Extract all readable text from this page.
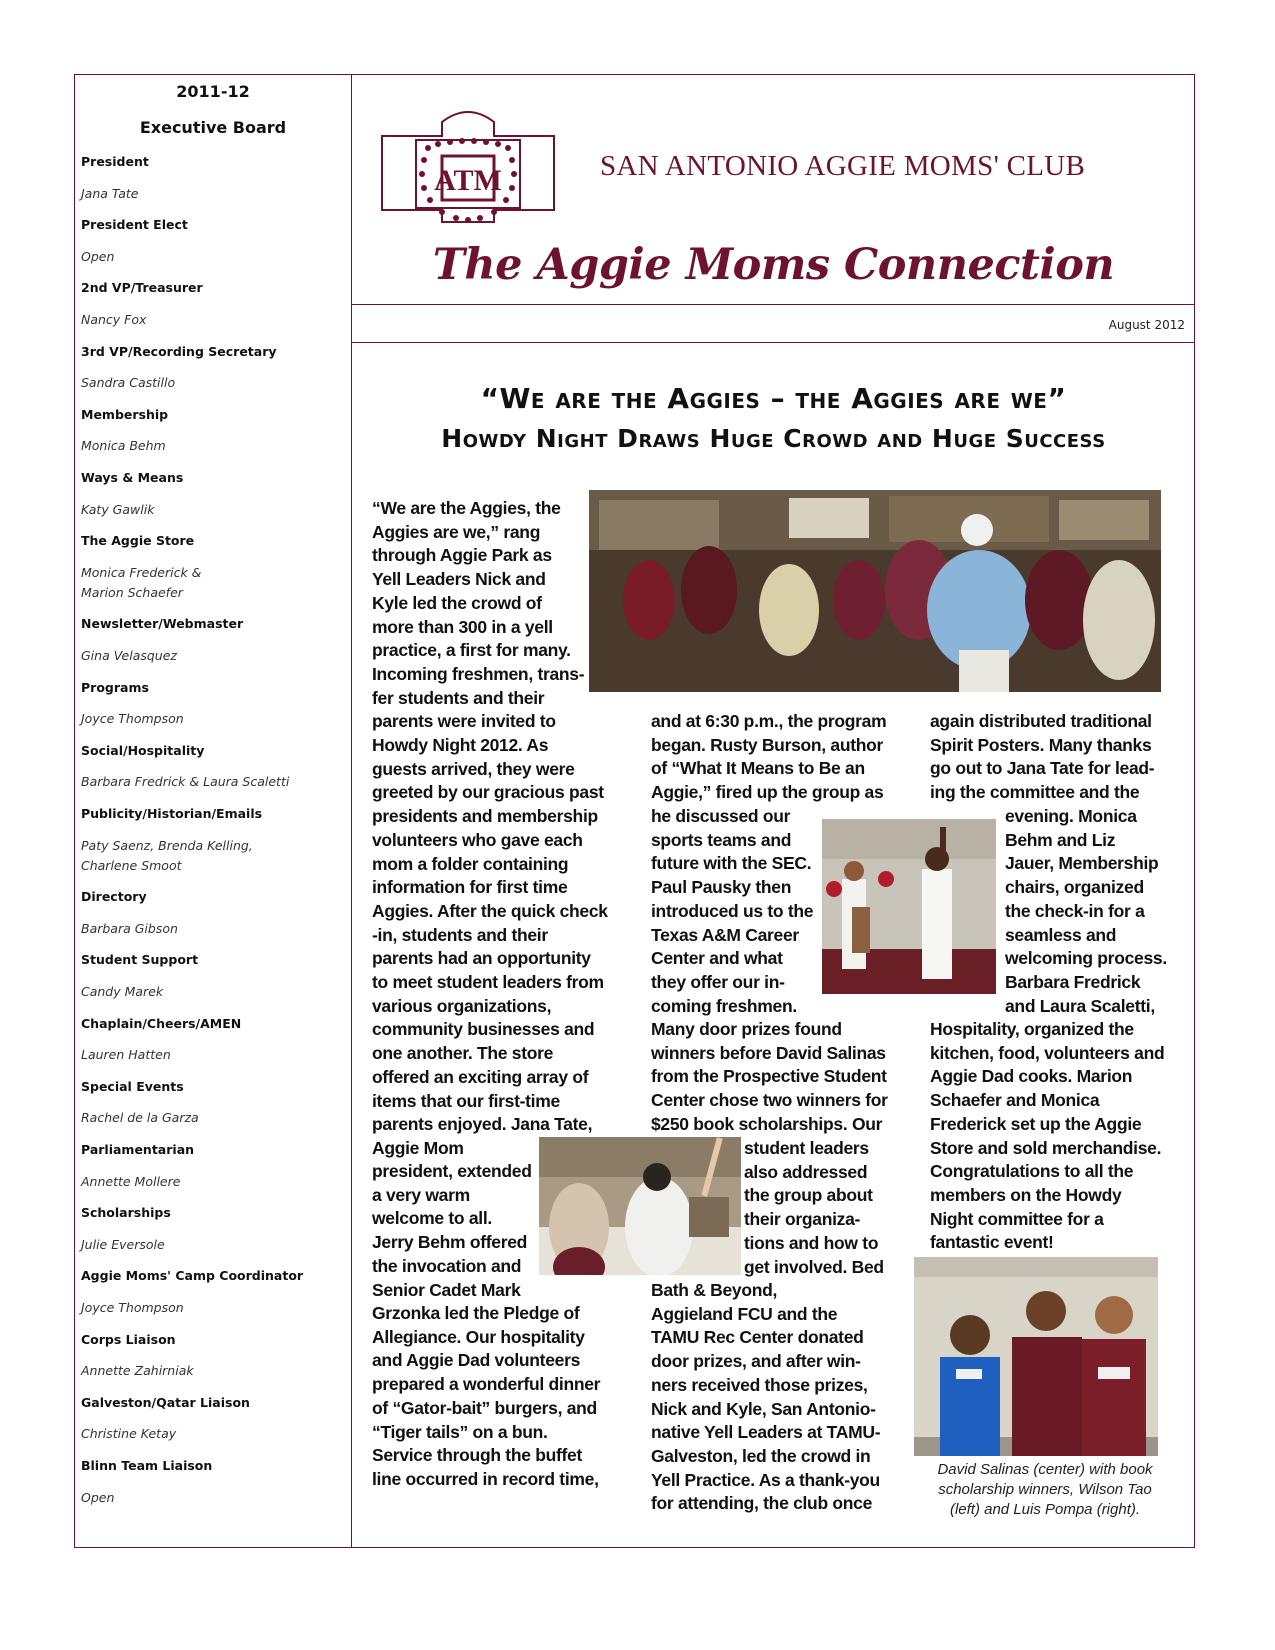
2011-12
Executive Board
President
Jana Tate
President Elect
Open
2nd VP/Treasurer
Nancy Fox
3rd VP/Recording Secretary
Sandra Castillo
Membership
Monica Behm
Ways & Means
Katy Gawlik
The Aggie Store
Monica Frederick &
Marion Schaefer
Newsletter/Webmaster
Gina Velasquez
Programs
Joyce Thompson
Social/Hospitality
Barbara Fredrick & Laura Scaletti
Publicity/Historian/Emails
Paty Saenz, Brenda Kelling,
Charlene Smoot
Directory
Barbara Gibson
Student Support
Candy Marek
Chaplain/Cheers/AMEN
Lauren Hatten
Special Events
Rachel de la Garza
Parliamentarian
Annette Mollere
Scholarships
Julie Eversole
Aggie Moms' Camp Coordinator
Joyce Thompson
Corps Liaison
Annette Zahirniak
Galveston/Qatar Liaison
Christine Ketay
Blinn Team Liaison
Open
ATM	SAN ANTONIO AGGIE MOMS' CLUB
The Aggie Moms Connection
August 2012
“We are the Aggies – the Aggies are we”
Howdy Night Draws Huge Crowd and Huge Success
David Salinas (center) with book
scholarship winners, Wilson Tao
(left) and Luis Pompa (right).
“We are the Aggies, the
Aggies are we,” rang
through Aggie Park as
Yell Leaders Nick and
Kyle led the crowd of
more than 300 in a yell
practice, a first for many.
Incoming freshmen, trans-
fer students and their
parents were invited to
Howdy Night 2012. As
guests arrived, they were
greeted by our gracious past
presidents and membership
volunteers who gave each
mom a folder containing
information for first time
Aggies. After the quick check
-in, students and their
parents had an opportunity
to meet student leaders from
various organizations,
community businesses and
one another. The store
offered an exciting array of
items that our first-time
parents enjoyed. Jana Tate,
Aggie Mom
president, extended
a very warm
welcome to all.
Jerry Behm offered
the invocation and
Senior Cadet Mark
Grzonka led the Pledge of
Allegiance. Our hospitality
and Aggie Dad volunteers
prepared a wonderful dinner
of “Gator-bait” burgers, and
“Tiger tails” on a bun.
Service through the buffet
line occurred in record time,
and at 6:30 p.m., the program
began. Rusty Burson, author
of “What It Means to Be an
Aggie,” fired up the group as
he discussed our
sports teams and
future with the SEC.
Paul Pausky then
introduced us to the
Texas A&M Career
Center and what
they offer our in-
coming freshmen.
Many door prizes found
winners before David Salinas
from the Prospective Student
Center chose two winners for
$250 book scholarships. Our
student leaders
also addressed
the group about
their organiza-
tions and how to
get involved. Bed
Bath & Beyond,
Aggieland FCU and the
TAMU Rec Center donated
door prizes, and after win-
ners received those prizes,
Nick and Kyle, San Antonio-
native Yell Leaders at TAMU-
Galveston, led the crowd in
Yell Practice. As a thank-you
for attending, the club once
again distributed traditional
Spirit Posters. Many thanks
go out to Jana Tate for lead-
ing the committee and the
evening. Monica
Behm and Liz
Jauer, Membership
chairs, organized
the check-in for a
seamless and
welcoming process.
Barbara Fredrick
and Laura Scaletti,
Hospitality, organized the
kitchen, food, volunteers and
Aggie Dad cooks. Marion
Schaefer and Monica
Frederick set up the Aggie
Store and sold merchandise.
Congratulations to all the
members on the Howdy
Night committee for a
fantastic event!
